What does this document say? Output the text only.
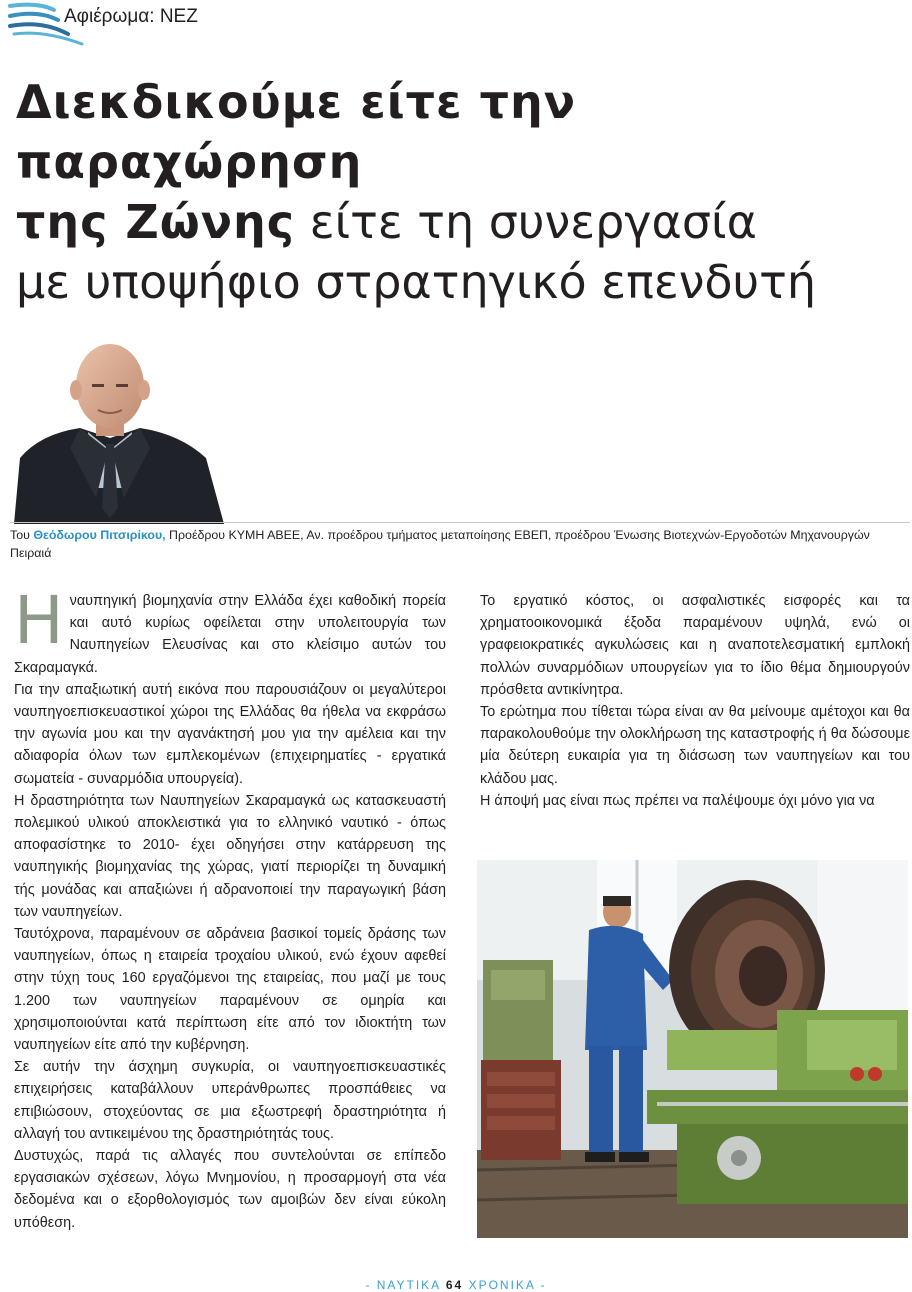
Αφιέρωμα: ΝΕΖ
Διεκδικούμε είτε την παραχώρηση
της Ζώνης είτε τη συνεργασία
με υποψήφιο στρατηγικό επενδυτή
Του Θεόδωρου Πιτσιρίκου, Προέδρου ΚΥΜΗ ΑΒΕΕ, Αν. προέδρου τμήματος μεταποίησης ΕΒΕΠ, προέδρου Ένωσης Βιοτεχνών-Εργοδοτών Μηχανουργών Πειραιά

Ηναυπηγική βιομηχανία στην Ελλάδα έχει καθοδική πορεία και αυτό κυρίως οφείλεται στην υπολειτουργία των Ναυπηγείων Ελευσίνας και στο κλείσιμο αυτών του Σκαραμαγκά.

Για την απαξιωτική αυτή εικόνα που παρουσιάζουν οι μεγαλύτεροι ναυπηγοεπισκευαστικοί χώροι της Ελλάδας θα ήθελα να εκφράσω την αγωνία μου και την αγανάκτησή μου για την αμέλεια και την αδιαφορία όλων των εμπλεκομένων (επιχειρηματίες - εργατικά σωματεία - συναρμόδια υπουργεία).

Η δραστηριότητα των Ναυπηγείων Σκαραμαγκά ως κατασκευαστή πολεμικού υλικού αποκλειστικά για το ελληνικό ναυτικό - όπως αποφασίστηκε το 2010- έχει οδηγήσει στην κατάρρευση της ναυπηγικής βιομηχανίας της χώρας, γιατί περιορίζει τη δυναμική τής μονάδας και απαξιώνει ή αδρανοποιεί την παραγωγική βάση των ναυπηγείων.

Ταυτόχρονα, παραμένουν σε αδράνεια βασικοί τομείς δράσης των ναυπηγείων, όπως η εταιρεία τροχαίου υλικού, ενώ έχουν αφεθεί στην τύχη τους 160 εργαζόμενοι της εταιρείας, που μαζί με τους 1.200 των ναυπηγείων παραμένουν σε ομηρία και χρησιμοποιούνται κατά περίπτωση είτε από τον ιδιοκτήτη των ναυπηγείων είτε από την κυβέρνηση.

Σε αυτήν την άσχημη συγκυρία, οι ναυπηγοεπισκευαστικές επιχειρήσεις καταβάλλουν υπεράνθρωπες προσπάθειες να επιβιώσουν, στοχεύοντας σε μια εξωστρεφή δραστηριότητα ή αλλαγή του αντικειμένου της δραστηριότητάς τους.

Δυστυχώς, παρά τις αλλαγές που συντελούνται σε επίπεδο εργασιακών σχέσεων, λόγω Μνημονίου, η προσαρμογή στα νέα δεδομένα και ο εξορθολογισμός των αμοιβών δεν είναι εύκολη υπόθεση.

Το εργατικό κόστος, οι ασφαλιστικές εισφορές και τα χρηματοοικονομικά έξοδα παραμένουν υψηλά, ενώ οι γραφειοκρατικές αγκυλώσεις και η αναποτελεσματική εμπλοκή πολλών συναρμόδιων υπουργείων για το ίδιο θέμα δημιουργούν πρόσθετα αντικίνητρα.

Το ερώτημα που τίθεται τώρα είναι αν θα μείνουμε αμέτοχοι και θα παρακολουθούμε την ολοκλήρωση της καταστροφής ή θα δώσουμε μία δεύτερη ευκαιρία για τη διάσωση των ναυπηγείων και του κλάδου μας.

Η άποψή μας είναι πως πρέπει να παλέψουμε όχι μόνο για να

- ΝΑΥΤΙΚΑ 64 ΧΡΟΝΙΚΑ -
